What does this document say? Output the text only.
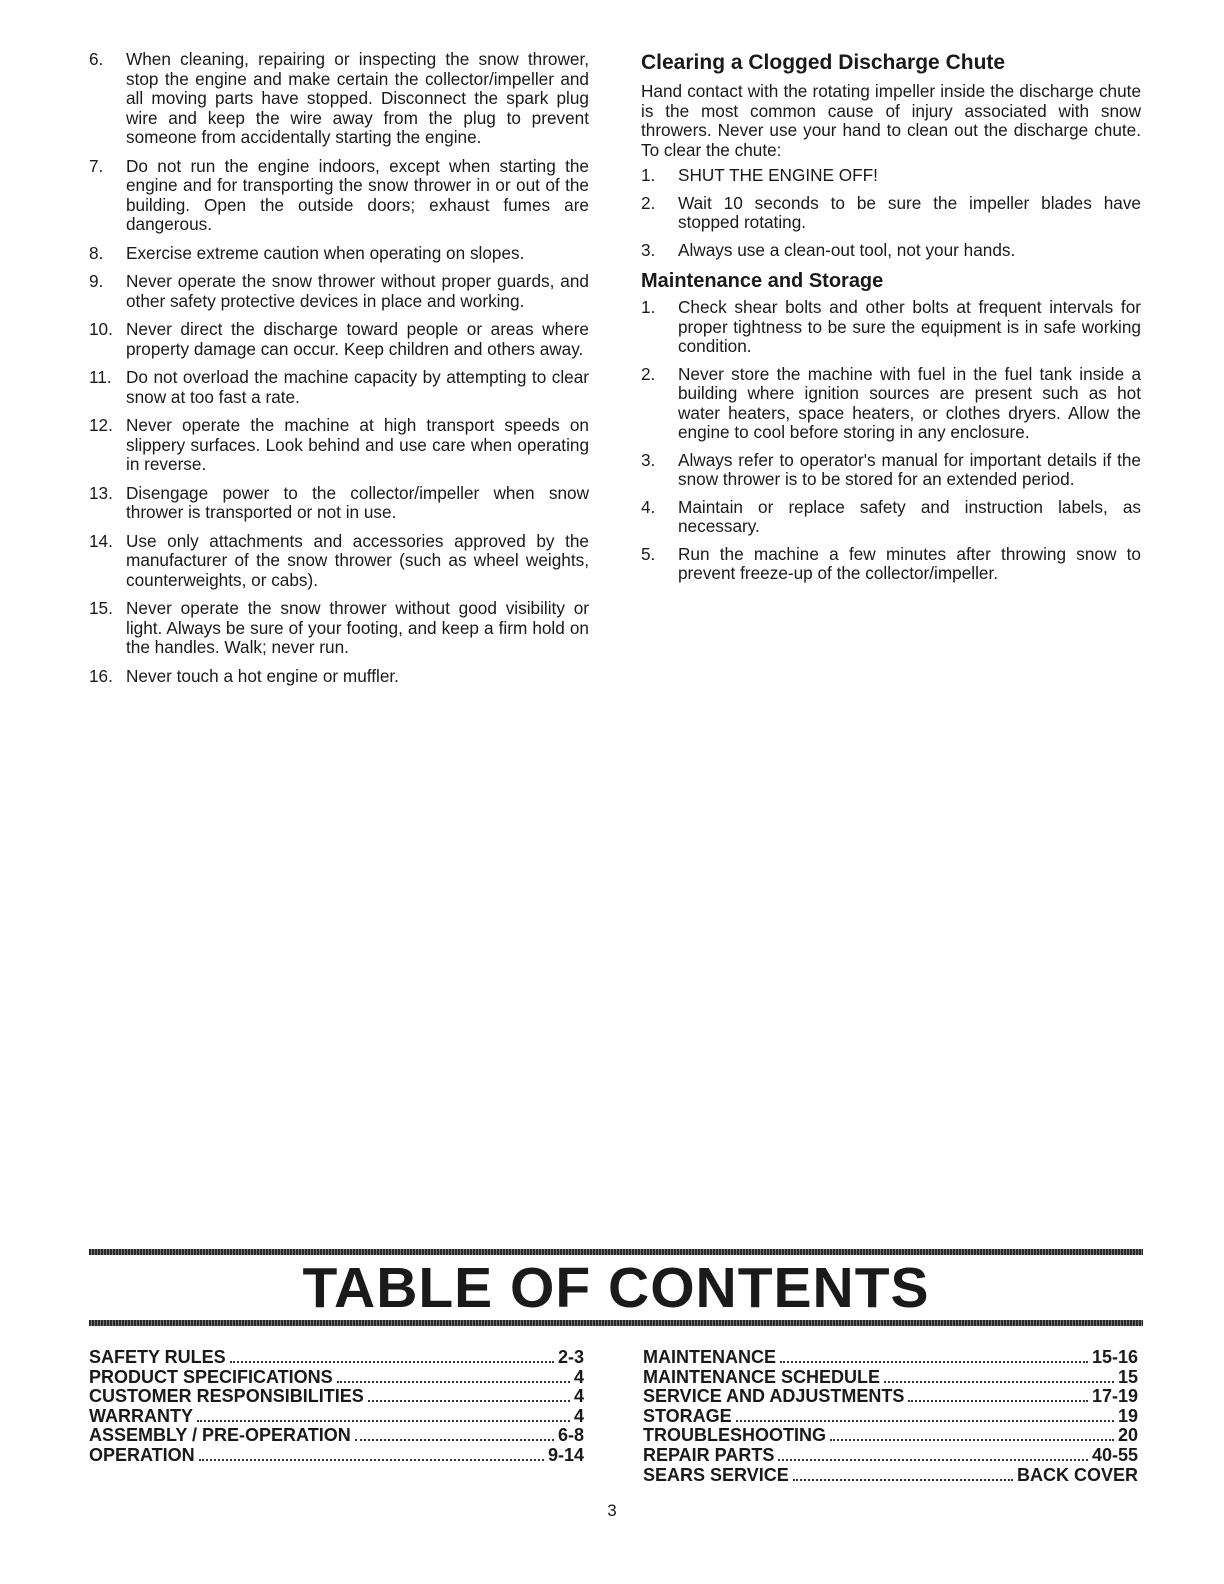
6.	When cleaning, repairing or inspecting the snow thrower, stop the engine and make certain the collector/impeller and all moving parts have stopped. Disconnect the spark plug wire and keep the wire away from the plug to prevent someone from accidentally starting the engine.
7.	Do not run the engine indoors, except when starting the engine and for transporting the snow thrower in or out of the building. Open the outside doors; exhaust fumes are dangerous.
8.	Exercise extreme caution when operating on slopes.
9.	Never operate the snow thrower without proper guards, and other safety protective devices in place and working.
10. Never direct the discharge toward people or areas where property damage can occur. Keep children and others away.
11. Do not overload the machine capacity by attempting to clear snow at too fast a rate.
12. Never operate the machine at high transport speeds on slippery surfaces. Look behind and use care when operating in reverse.
13. Disengage power to the collector/impeller when snow thrower is transported or not in use.
14. Use only attachments and accessories approved by the manufacturer of the snow thrower (such as wheel weights, counterweights, or cabs).
15. Never operate the snow thrower without good visibility or light. Always be sure of your footing, and keep a firm hold on the handles. Walk; never run.
16. Never touch a hot engine or muffler.
Clearing a Clogged Discharge Chute

Hand contact with the rotating impeller inside the discharge chute is the most common cause of injury associated with snow throwers. Never use your hand to clean out the discharge chute. To clear the chute:

1.	SHUT THE ENGINE OFF!
2.	Wait 10 seconds to be sure the impeller blades have stopped rotating.
3.	Always use a clean-out tool, not your hands.
Maintenance and Storage
1.	Check shear bolts and other bolts at frequent intervals for proper tightness to be sure the equipment is in safe working condition.
2.	Never store the machine with fuel in the fuel tank inside a building where ignition sources are present such as hot water heaters, space heaters, or clothes dryers. Allow the engine to cool before storing in any enclosure.
3.	Always refer to operator's manual for important details if the snow thrower is to be stored for an extended period.
4.	Maintain or replace safety and instruction labels, as necessary.
5.	Run the machine a few minutes after throwing snow to prevent freeze-up of the collector/impeller.
TABLE OF CONTENTS
SAFETY RULES	2-3
PRODUCT SPECIFICATIONS	4
CUSTOMER RESPONSIBILITIES	4
WARRANTY	4
ASSEMBLY / PRE-OPERATION	6-8
OPERATION	9-14
MAINTENANCE	15-16
MAINTENANCE SCHEDULE	15
SERVICE AND ADJUSTMENTS	17-19
STORAGE	19
TROUBLESHOOTING	20
REPAIR PARTS	40-55
SEARS SERVICE	BACK COVER

3
